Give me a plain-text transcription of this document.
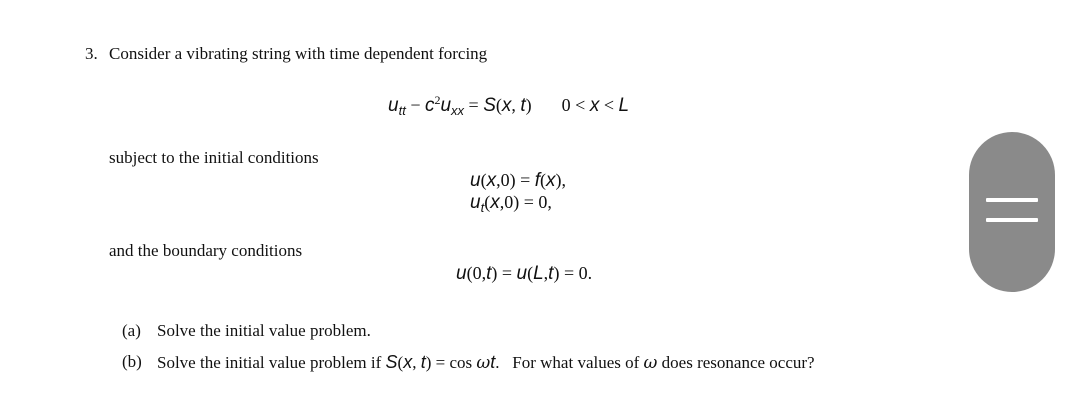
3. Consider a vibrating string with time dependent forcing
$u_{tt} - c^2u_{xx} = S(x$, t) 0 < x < L
subject to the initial conditions
u(x,0) = f(x),
$u_t(x,0) = 0$,
and the boundary conditions
u(0,t) = u(L,t) = 0.
(a) Solve the initial value problem.
(b) Solve the initial value problem if S(x, t) = cos ωt.   For what values of ω does resonance occur?
